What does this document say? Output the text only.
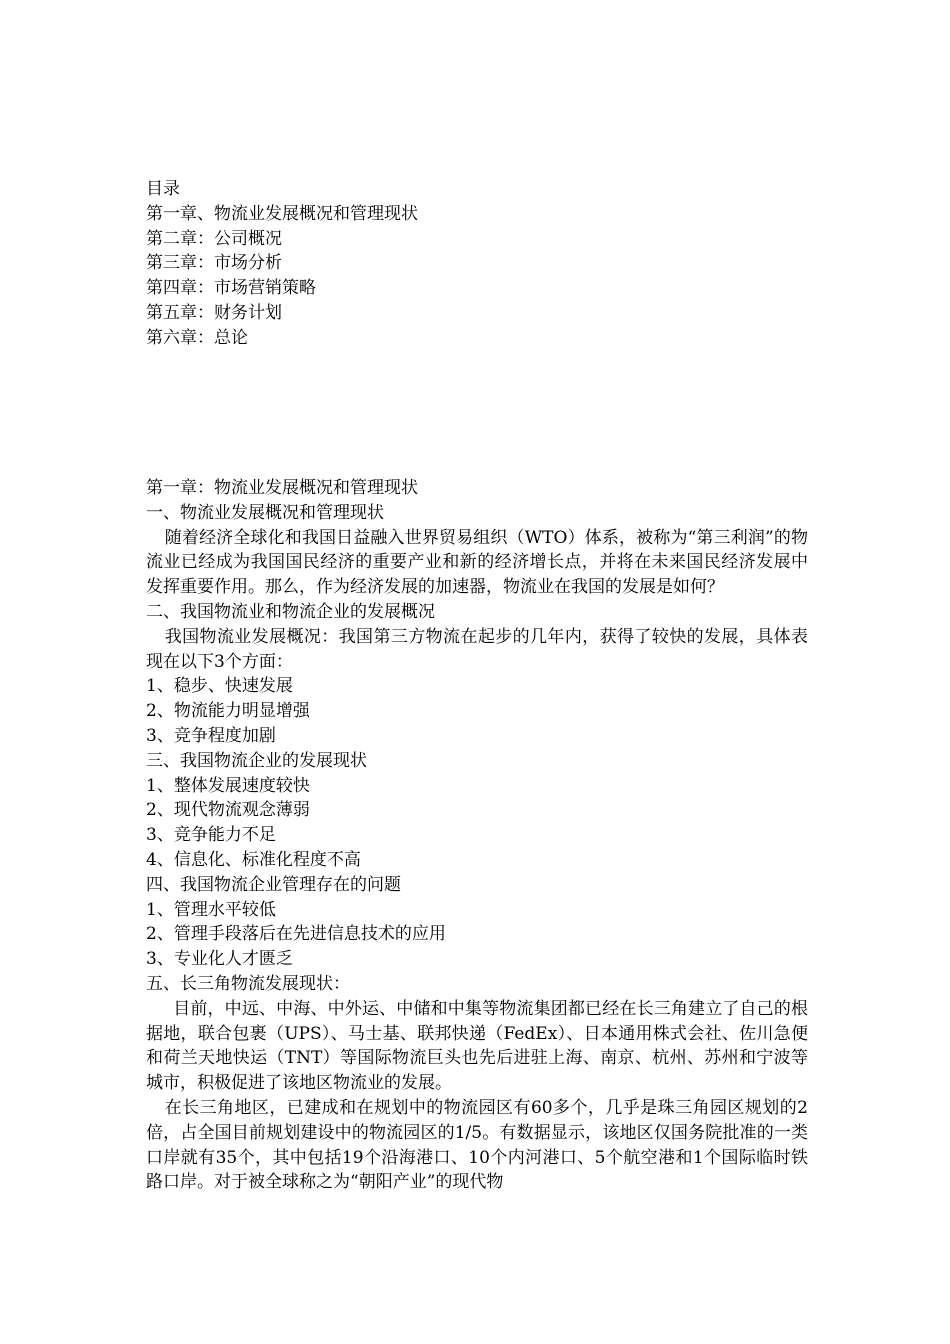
目录
第一章、物流业发展概况和管理现状
第二章：公司概况
第三章：市场分析
第四章：市场营销策略
第五章：财务计划
第六章：总论
第一章：物流业发展概况和管理现状
一、物流业发展概况和管理现状

随着经济全球化和我国日益融入世界贸易组织（WTO）体系，被称为“第三利润”的物流业已经成为我国国民经济的重要产业和新的经济增长点，并将在未来国民经济发展中发挥重要作用。那么，作为经济发展的加速器，物流业在我国的发展是如何？

二、我国物流业和物流企业的发展概况

我国物流业发展概况：我国第三方物流在起步的几年内，获得了较快的发展，具体表现在以下3个方面：

1、稳步、快速发展
2、物流能力明显增强
3、竞争程度加剧
三、我国物流企业的发展现状
1、整体发展速度较快
2、现代物流观念薄弱
3、竞争能力不足
4、信息化、标准化程度不高
四、我国物流企业管理存在的问题
1、管理水平较低
2、管理手段落后在先进信息技术的应用
3、专业化人才匮乏
五、长三角物流发展现状：

目前，中远、中海、中外运、中储和中集等物流集团都已经在长三角建立了自己的根据地，联合包裹（UPS）、马士基、联邦快递（FedEx）、日本通用株式会社、佐川急便和荷兰天地快运（TNT）等国际物流巨头也先后进驻上海、南京、杭州、苏州和宁波等城市，积极促进了该地区物流业的发展。

在长三角地区，已建成和在规划中的物流园区有60多个，几乎是珠三角园区规划的2倍，占全国目前规划建设中的物流园区的1/5。有数据显示，该地区仅国务院批准的一类口岸就有35个，其中包括19个沿海港口、10个内河港口、5个航空港和1个国际临时铁路口岸。对于被全球称之为“朝阳产业”的现代物
